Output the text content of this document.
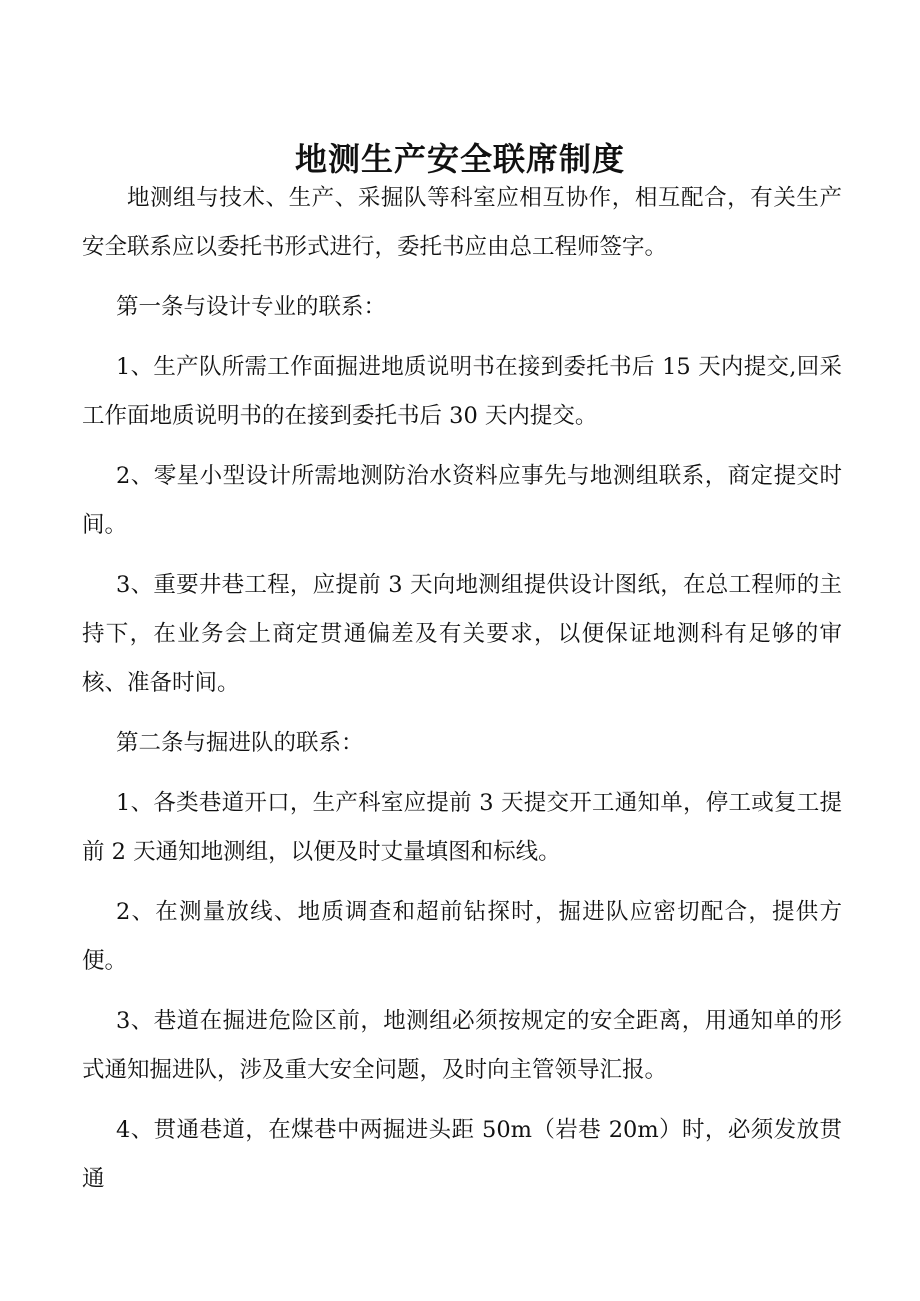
地测生产安全联席制度

地测组与技术、生产、采掘队等科室应相互协作，相互配合，有关生产安全联系应以委托书形式进行，委托书应由总工程师签字。

第一条与设计专业的联系：

1、生产队所需工作面掘进地质说明书在接到委托书后 15 天内提交,回采工作面地质说明书的在接到委托书后 30 天内提交。

2、零星小型设计所需地测防治水资料应事先与地测组联系，商定提交时间。

3、重要井巷工程，应提前 3 天向地测组提供设计图纸，在总工程师的主持下，在业务会上商定贯通偏差及有关要求，以便保证地测科有足够的审核、准备时间。

第二条与掘进队的联系：

1、各类巷道开口，生产科室应提前 3 天提交开工通知单，停工或复工提前 2 天通知地测组，以便及时丈量填图和标线。

2、在测量放线、地质调查和超前钻探时，掘进队应密切配合，提供方便。

3、巷道在掘进危险区前，地测组必须按规定的安全距离，用通知单的形式通知掘进队，涉及重大安全问题，及时向主管领导汇报。

4、贯通巷道，在煤巷中两掘进头距 50m（岩巷 20m）时，必须发放贯通
